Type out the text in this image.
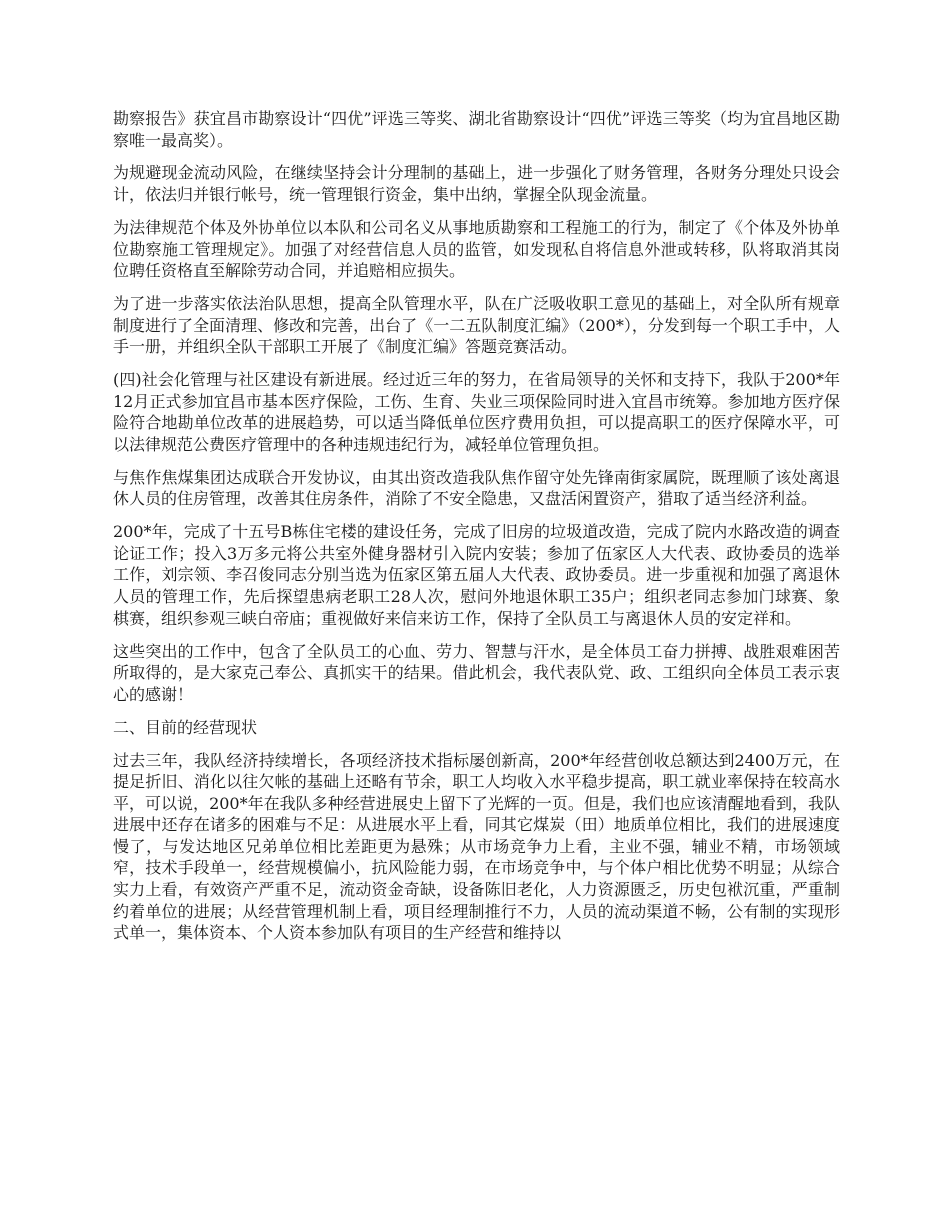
勘察报告》获宜昌市勘察设计“四优”评选三等奖、湖北省勘察设计“四优”评选三等奖（均为宜昌地区勘察唯一最高奖）。

为规避现金流动风险，在继续坚持会计分理制的基础上，进一步强化了财务管理，各财务分理处只设会计，依法归并银行帐号，统一管理银行资金，集中出纳，掌握全队现金流量。

为法律规范个体及外协单位以本队和公司名义从事地质勘察和工程施工的行为，制定了《个体及外协单位勘察施工管理规定》。加强了对经营信息人员的监管，如发现私自将信息外泄或转移，队将取消其岗位聘任资格直至解除劳动合同，并追赔相应损失。

为了进一步落实依法治队思想，提高全队管理水平，队在广泛吸收职工意见的基础上，对全队所有规章制度进行了全面清理、修改和完善，出台了《一二五队制度汇编》（200*），分发到每一个职工手中，人手一册，并组织全队干部职工开展了《制度汇编》答题竞赛活动。

(四)社会化管理与社区建设有新进展。经过近三年的努力，在省局领导的关怀和支持下，我队于200*年12月正式参加宜昌市基本医疗保险，工伤、生育、失业三项保险同时进入宜昌市统筹。参加地方医疗保险符合地勘单位改革的进展趋势，可以适当降低单位医疗费用负担，可以提高职工的医疗保障水平，可以法律规范公费医疗管理中的各种违规违纪行为，减轻单位管理负担。

与焦作焦煤集团达成联合开发协议，由其出资改造我队焦作留守处先锋南街家属院，既理顺了该处离退休人员的住房管理，改善其住房条件，消除了不安全隐患，又盘活闲置资产，猎取了适当经济利益。

200*年，完成了十五号B栋住宅楼的建设任务，完成了旧房的垃圾道改造，完成了院内水路改造的调查论证工作；投入3万多元将公共室外健身器材引入院内安装；参加了伍家区人大代表、政协委员的选举工作，刘宗领、李召俊同志分别当选为伍家区第五届人大代表、政协委员。进一步重视和加强了离退休人员的管理工作，先后探望患病老职工28人次，慰问外地退休职工35户；组织老同志参加门球赛、象棋赛，组织参观三峡白帝庙；重视做好来信来访工作，保持了全队员工与离退休人员的安定祥和。

这些突出的工作中，包含了全队员工的心血、劳力、智慧与汗水，是全体员工奋力拼搏、战胜艰难困苦所取得的，是大家克己奉公、真抓实干的结果。借此机会，我代表队党、政、工组织向全体员工表示衷心的感谢！

二、目前的经营现状

过去三年，我队经济持续增长，各项经济技术指标屡创新高，200*年经营创收总额达到2400万元，在提足折旧、消化以往欠帐的基础上还略有节余，职工人均收入水平稳步提高，职工就业率保持在较高水平，可以说，200*年在我队多种经营进展史上留下了光辉的一页。但是，我们也应该清醒地看到，我队进展中还存在诸多的困难与不足：从进展水平上看，同其它煤炭（田）地质单位相比，我们的进展速度慢了，与发达地区兄弟单位相比差距更为悬殊；从市场竞争力上看，主业不强，辅业不精，市场领域窄，技术手段单一，经营规模偏小，抗风险能力弱，在市场竞争中，与个体户相比优势不明显；从综合实力上看，有效资产严重不足，流动资金奇缺，设备陈旧老化，人力资源匮乏，历史包袱沉重，严重制约着单位的进展；从经营管理机制上看，项目经理制推行不力，人员的流动渠道不畅，公有制的实现形式单一，集体资本、个人资本参加队有项目的生产经营和维持以
